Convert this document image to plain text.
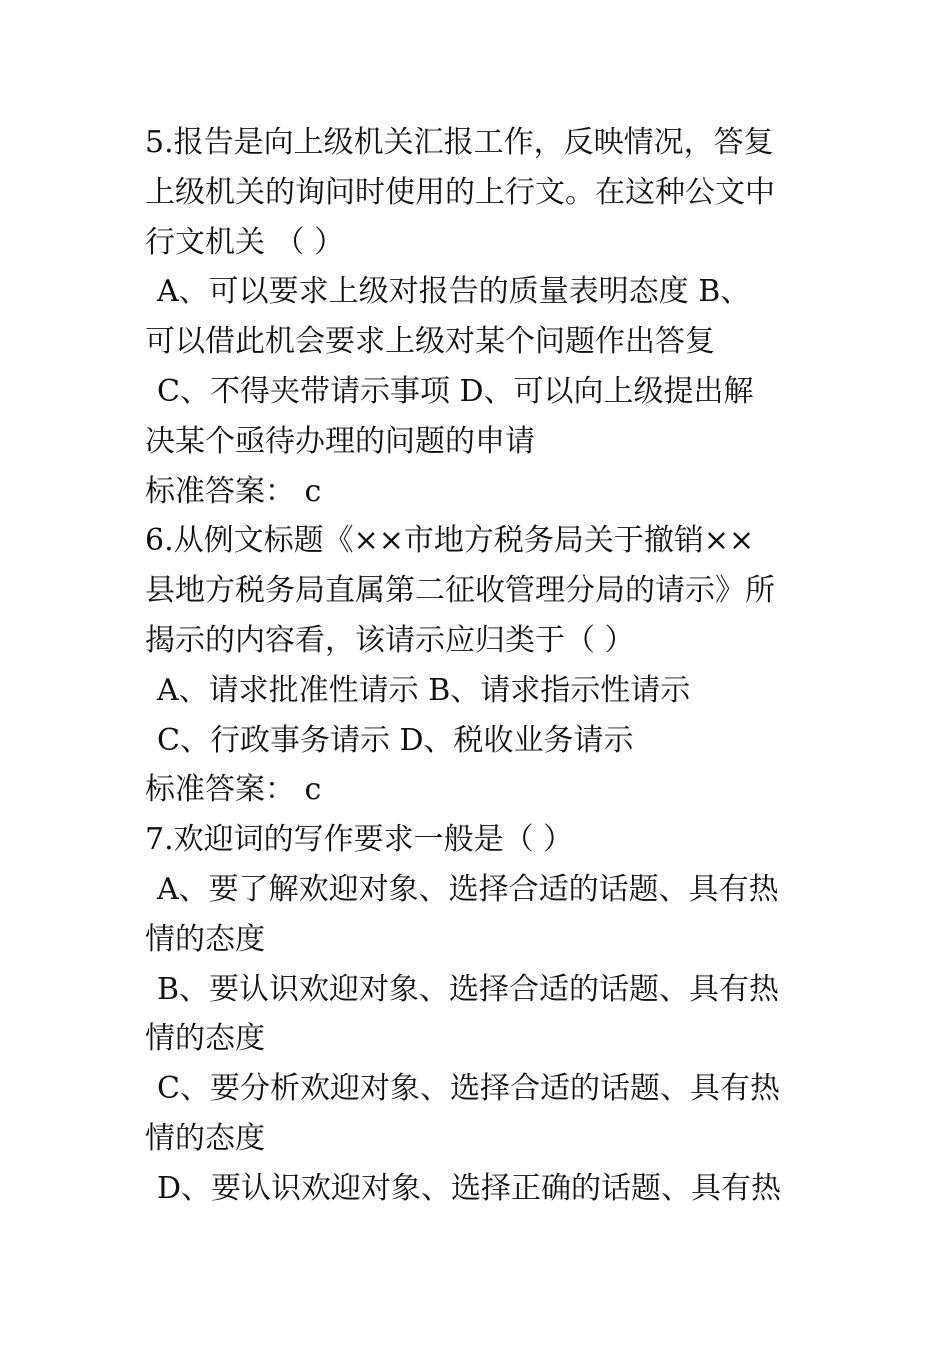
5.报告是向上级机关汇报工作，反映情况，答复
上级机关的询问时使用的上行文。在这种公文中
行文机关 （ ）
A、可以要求上级对报告的质量表明态度 B、
可以借此机会要求上级对某个问题作出答复
C、不得夹带请示事项 D、可以向上级提出解
决某个亟待办理的问题的申请
标准答案： c
6.从例文标题《××市地方税务局关于撤销××
县地方税务局直属第二征收管理分局的请示》所
揭示的内容看，该请示应归类于（ ）
A、请求批准性请示 B、请求指示性请示
C、行政事务请示 D、税收业务请示
标准答案： c
7.欢迎词的写作要求一般是（ ）
A、要了解欢迎对象、选择合适的话题、具有热
情的态度
B、要认识欢迎对象、选择合适的话题、具有热
情的态度
C、要分析欢迎对象、选择合适的话题、具有热
情的态度
D、要认识欢迎对象、选择正确的话题、具有热
